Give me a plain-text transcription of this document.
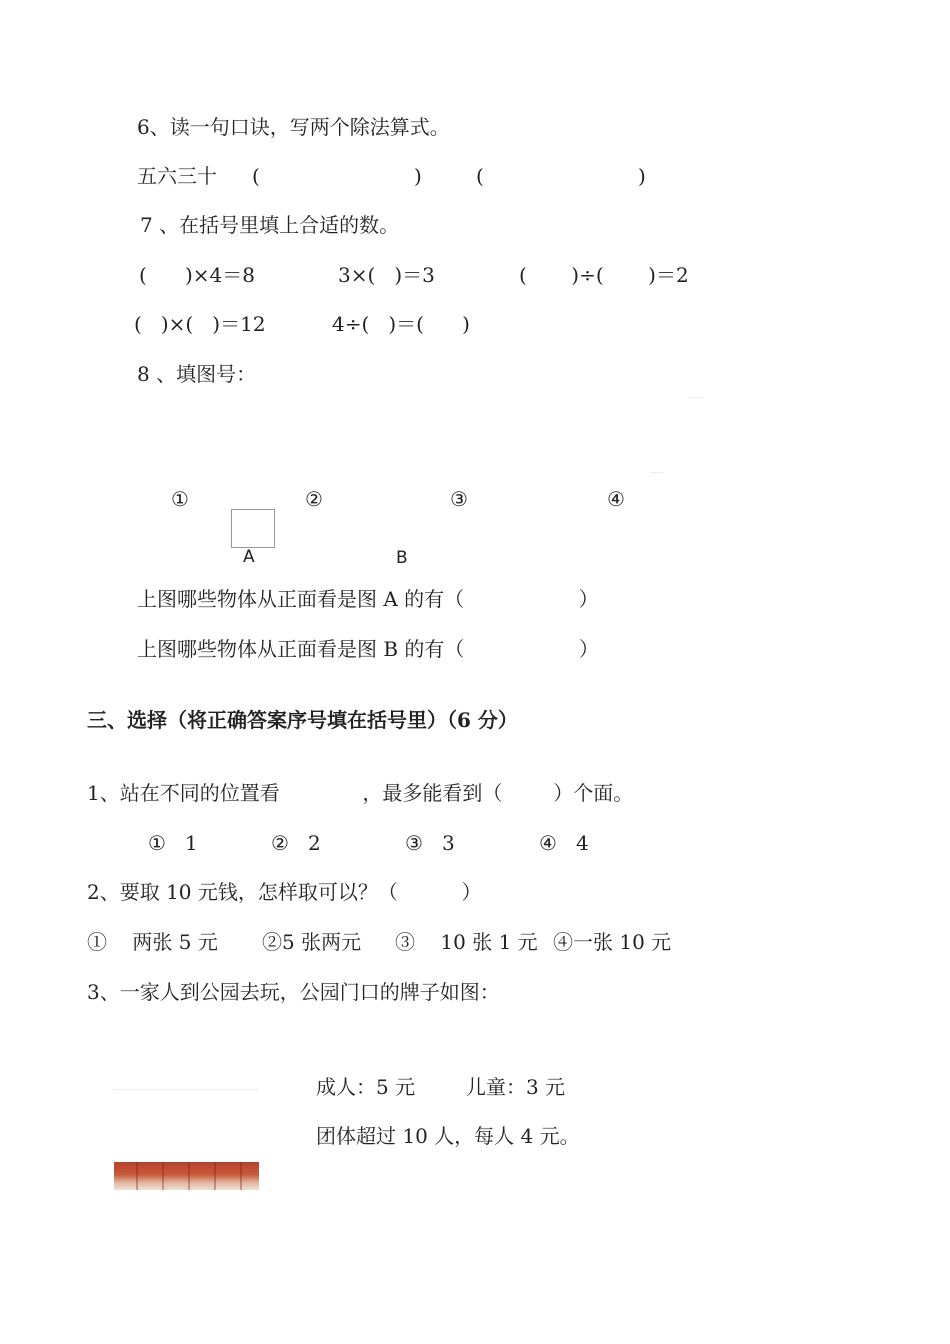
6、读一句口诀，写两个除法算式。
五六三十 (	)	(	)
7 、在括号里填上合适的数。
(      )×4＝8	3×(   )＝3	(       )÷(       )＝2
(   )×(   )＝12	4÷(   )＝(      )
8 、填图号：
①	②	③	④
A	B
上图哪些物体从正面看是图 A 的有（                  ）
上图哪些物体从正面看是图 B 的有（                  ）
三、选择（将正确答案序号填在括号里）（6 分）
1、站在不同的位置看             ，最多能看到（        ）个面。
①   1	②   2	③   3	④   4
2、要取 10 元钱，怎样取可以？（          ）
①    两张 5 元 ②5 张两元 ③    10 张 1 元 ④一张 10 元
3、一家人到公园去玩，公园门口的牌子如图：
成人：5 元        儿童：3 元
团体超过 10 人，每人 4 元。
